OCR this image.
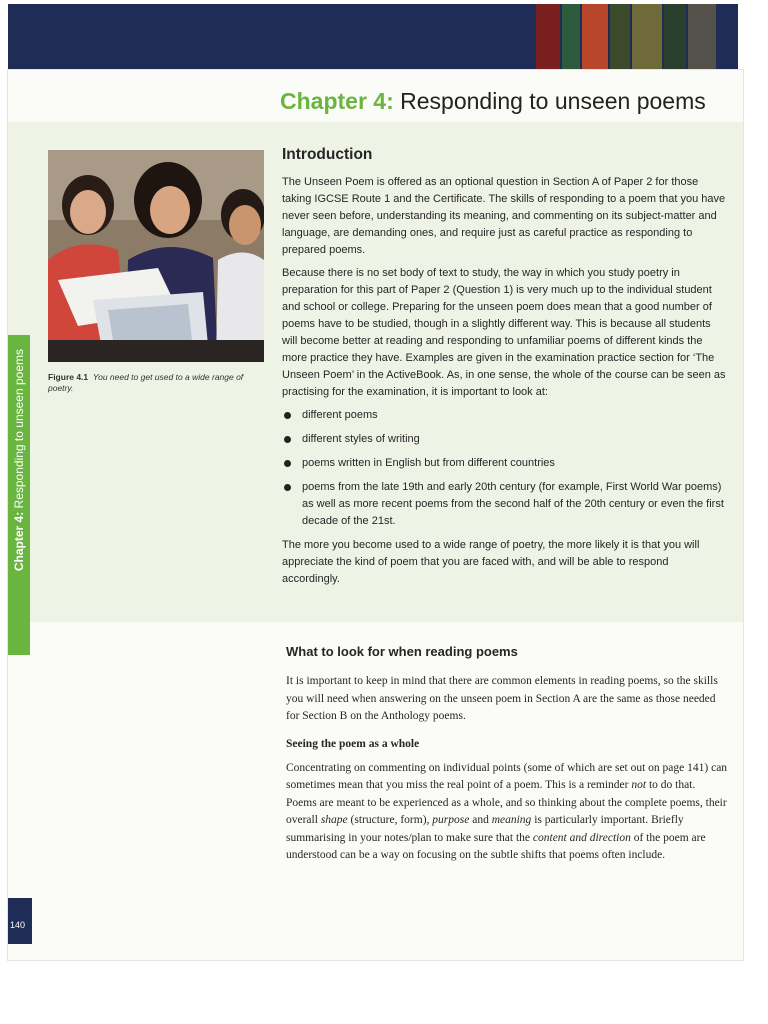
Chapter 4: Responding to unseen poems
Chapter 4: Responding to unseen poems	Figure 4.1 You need to get used to a wide range of poetry.
Introduction

The Unseen Poem is offered as an optional question in Section A of Paper 2 for those taking IGCSE Route 1 and the Certificate. The skills of responding to a poem that you have never seen before, understanding its meaning, and commenting on its subject-matter and language, are demanding ones, and require just as careful practice as responding to prepared poems.

Because there is no set body of text to study, the way in which you study poetry in preparation for this part of Paper 2 (Question 1) is very much up to the individual student and school or college. Preparing for the unseen poem does mean that a good number of poems have to be studied, though in a slightly different way. This is because all students will become better at reading and responding to unfamiliar poems of different kinds the more practice they have. Examples are given in the examination practice section for ‘The Unseen Poem’ in the ActiveBook. As, in one sense, the whole of the course can be seen as practising for the examination, it is important to look at:

different poems
different styles of writing
poems written in English but from different countries
poems from the late 19th and early 20th century (for example, First World War poems) as well as more recent poems from the second half of the 20th century or even the first decade of the 21st.

The more you become used to a wide range of poetry, the more likely it is that you will appreciate the kind of poem that you are faced with, and will be able to respond accordingly.

What to look for when reading poems

It is important to keep in mind that there are common elements in reading poems, so the skills you will need when answering on the unseen poem in Section A are the same as those needed for Section B on the Anthology poems.

Seeing the poem as a whole

Concentrating on commenting on individual points (some of which are set out on page 141) can sometimes mean that you miss the real point of a poem. This is a reminder not to do that. Poems are meant to be experienced as a whole, and so thinking about the complete poems, their overall shape (structure, form), purpose and meaning is particularly important. Briefly summarising in your notes/plan to make sure that the content and direction of the poem are understood can be a way on focusing on the subtle shifts that poems often include.

140
